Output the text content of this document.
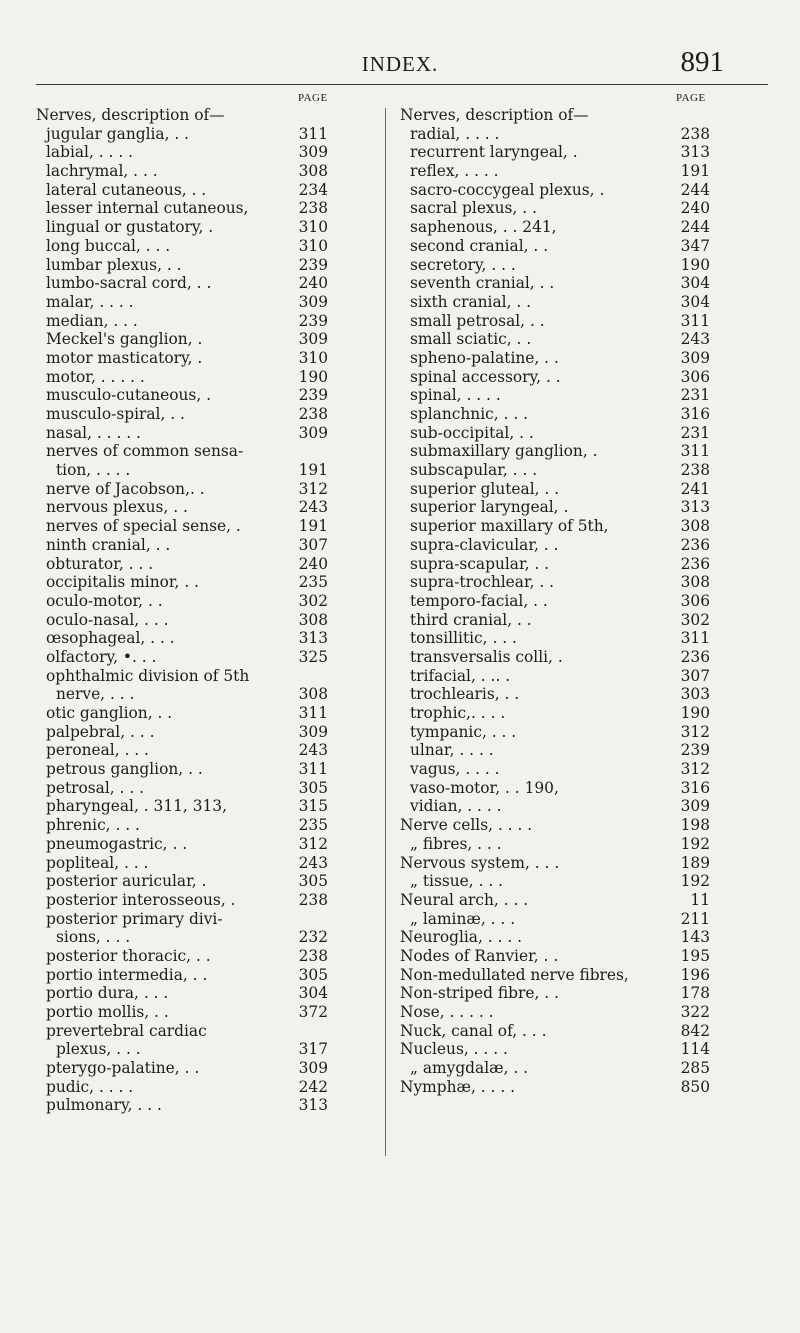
INDEX.	891
PAGE	PAGE
Nerves, description of—
jugular ganglia, . .	311
labial, . . . .	309
lachrymal, . . .	308
lateral cutaneous, . .	234
lesser internal cutaneous,	238
lingual or gustatory, .	310
long buccal, . . .	310
lumbar plexus, . .	239
lumbo-sacral cord, . .	240
malar, . . . .	309
median, . . .	239
Meckel's ganglion, .	309
motor masticatory, .	310
motor, . . . . .	190
musculo-cutaneous, .	239
musculo-spiral, . .	238
nasal, . . . . .	309
nerves of common sensa-
tion, . . . .	191
nerve of Jacobson,. .	312
nervous plexus, . .	243
nerves of special sense, .	191
ninth cranial, . .	307
obturator, . . .	240
occipitalis minor, . .	235
oculo-motor, . .	302
oculo-nasal, . . .	308
œsophageal, . . .	313
olfactory, •. . .	325
ophthalmic division of 5th
nerve, . . .	308
otic ganglion, . .	311
palpebral, . . .	309
peroneal, . . .	243
petrous ganglion, . .	311
petrosal, . . .	305
pharyngeal, . 311, 313,	315
phrenic, . . .	235
pneumogastric, . .	312
popliteal, . . .	243
posterior auricular, .	305
posterior interosseous, .	238
posterior primary divi-
sions, . . .	232
posterior thoracic, . .	238
portio intermedia, . .	305
portio dura, . . .	304
portio mollis, . .	372
prevertebral cardiac
plexus, . . .	317
pterygo-palatine, . .	309
pudic, . . . .	242
pulmonary, . . .	313
Nerves, description of—
radial, . . . .	238
recurrent laryngeal, .	313
reflex, . . . .	191
sacro-coccygeal plexus, .	244
sacral plexus, . .	240
saphenous, . . 241,	244
second cranial, . .	347
secretory, . . .	190
seventh cranial, . .	304
sixth cranial, . .	304
small petrosal, . .	311
small sciatic, . .	243
spheno-palatine, . .	309
spinal accessory, . .	306
spinal, . . . .	231
splanchnic, . . .	316
sub-occipital, . .	231
submaxillary ganglion, .	311
subscapular, . . .	238
superior gluteal, . .	241
superior laryngeal, .	313
superior maxillary of 5th,	308
supra-clavicular, . .	236
supra-scapular, . .	236
supra-trochlear, . .	308
temporo-facial, . .	306
third cranial, . .	302
tonsillitic, . . .	311
transversalis colli, .	236
trifacial, . .. .	307
trochlearis, . .	303
trophic,. . . .	190
tympanic, . . .	312
ulnar, . . . .	239
vagus, . . . .	312
vaso-motor, . . 190,	316
vidian, . . . .	309
Nerve cells, . . . .	198
„ fibres, . . .	192
Nervous system, . . .	189
„ tissue, . . .	192
Neural arch, . . .	11
„ laminæ, . . .	211
Neuroglia, . . . .	143
Nodes of Ranvier, . .	195
Non-medullated nerve fibres,	196
Non-striped fibre, . .	178
Nose, . . . . .	322
Nuck, canal of, . . .	842
Nucleus, . . . .	114
„ amygdalæ, . .	285
Nymphæ, . . . .	850
